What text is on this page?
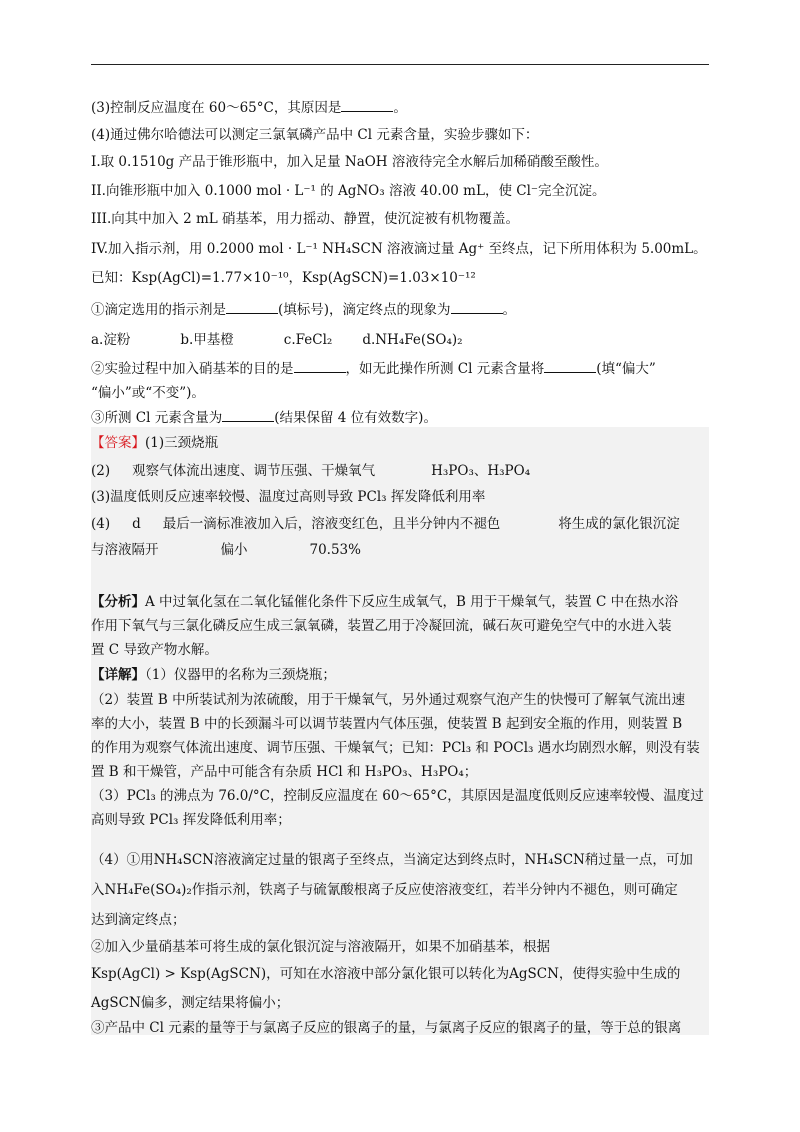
(3)控制反应温度在 60～65°C，其原因是	。
(4)通过佛尔哈德法可以测定三氯氧磷产品中 Cl 元素含量，实验步骤如下：
I.取 0.1510g 产品于锥形瓶中，加入足量 NaOH 溶液待完全水解后加稀硝酸至酸性。
II.向锥形瓶中加入 0.1000 mol · L⁻¹ 的 AgNO₃ 溶液 40.00 mL，使 Cl⁻完全沉淀。
III.向其中加入 2 mL 硝基苯，用力摇动、静置，使沉淀被有机物覆盖。
IV.加入指示剂，用 0.2000 mol · L⁻¹ NH₄SCN 溶液滴过量 Ag⁺ 至终点，记下所用体积为 5.00mL。
已知：Ksp(AgCl)=1.77×10⁻¹⁰，Ksp(AgSCN)=1.03×10⁻¹²
①滴定选用的指示剂是	(填标号)，滴定终点的现象为	。
a.淀粉	b.甲基橙	c.FeCl₂ d.NH₄Fe(SO₄)₂
②实验过程中加入硝基苯的目的是	，如无此操作所测 Cl 元素含量将	(填“偏大”
“偏小”或“不变”)。
③所测 Cl 元素含量为	(结果保留 4 位有效数字)。
【答案】(1)三颈烧瓶
(2) 观察气体流出速度、调节压强、干燥氧气	H₃PO₃、H₃PO₄
(3)温度低则反应速率较慢、温度过高则导致 PCl₃ 挥发降低利用率
(4) d 最后一滴标准液加入后，溶液变红色，且半分钟内不褪色	将生成的氯化银沉淀
与溶液隔开	偏小	70.53%
【分析】A 中过氧化氢在二氧化锰催化条件下反应生成氧气，B 用于干燥氧气，装置 C 中在热水浴
作用下氧气与三氯化磷反应生成三氯氧磷，装置乙用于冷凝回流，碱石灰可避免空气中的水进入装
置 C 导致产物水解。
【详解】（1）仪器甲的名称为三颈烧瓶；
（2）装置 B 中所装试剂为浓硫酸，用于干燥氧气，另外通过观察气泡产生的快慢可了解氧气流出速
率的大小，装置 B 中的长颈漏斗可以调节装置内气体压强，使装置 B 起到安全瓶的作用，则装置 B
的作用为观察气体流出速度、调节压强、干燥氧气；已知：PCl₃ 和 POCl₃ 遇水均剧烈水解，则没有装
置 B 和干燥管，产品中可能含有杂质 HCl 和 H₃PO₃、H₃PO₄；
（3）PCl₃ 的沸点为 76.0/°C，控制反应温度在 60～65°C，其原因是温度低则反应速率较慢、温度过
高则导致 PCl₃ 挥发降低利用率；
（4）①用NH₄SCN溶液滴定过量的银离子至终点，当滴定达到终点时，NH₄SCN稍过量一点，可加
入NH₄Fe(SO₄)₂作指示剂，铁离子与硫氰酸根离子反应使溶液变红，若半分钟内不褪色，则可确定
达到滴定终点；
②加入少量硝基苯可将生成的氯化银沉淀与溶液隔开，如果不加硝基苯，根据
Ksp(AgCl) > Ksp(AgSCN)，可知在水溶液中部分氯化银可以转化为AgSCN，使得实验中生成的
AgSCN偏多，测定结果将偏小；
③产品中 Cl 元素的量等于与氯离子反应的银离子的量，与氯离子反应的银离子的量，等于总的银离
